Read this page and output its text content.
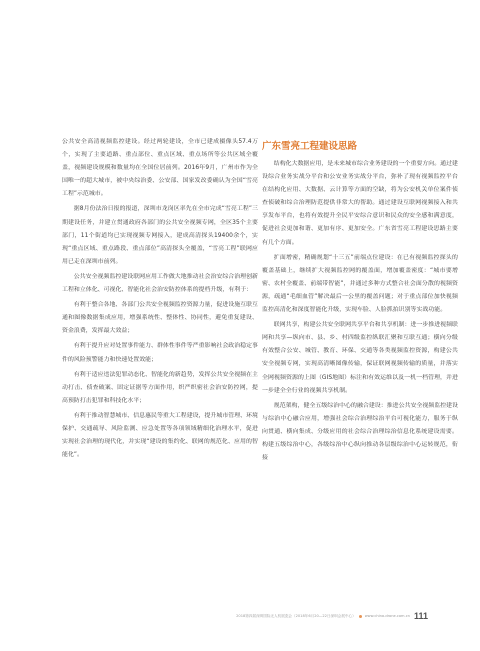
公共安全高清视频监控建设。经过两轮建设，全市已建成摄像头57.4万个，实现了主要道路、重点部位、重点区域、重点场所等公共区域全覆盖，视频建设规模和数量均在全国位居前列。2016年9月，广州市作为全国唯一的超大城市，被中央综治委、公安部、国家发改委确认为全国“雪亮工程”示范城市。

据8月份法治日报的报道，深圳市龙岗区率先在全市完成“雪亮工程”三期建设任务，并建立贯通政府各部门的公共安全视频专网，全区35个主要部门，11个街道均已实现视频专网接入，建成高清探头19400余个，实现“重点区域、重点路段、重点部位”高清探头全覆盖，“雪亮工程”联网应用已走在深圳市前列。

公共安全视频监控建设联网应用工作做大地推动社会治安综合治理创新工程和立体化、可视化、智能化社会治安防控体系的提档升级，有利于：

有利于整合各地、各部门公共安全视频监控资源力量，促进设施互联互通和图像数据集成应用，增强系统性、整体性、协同性，避免重复建设、资金浪费，发挥最大效益；

有利于提升应对处置事件能力、群体性事件等严重影响社会政治稳定事件的风险预警能力和快速处置效能；

有利于适应违法犯罪动态化、智能化的新趋势，发挥公共安全视频在主动打击、侦查破案、固定证据等方面作用，织严织密社会治安防控网，提高预防打击犯罪和科技化水平；

有利于推动智慧城市、信息惠民等重大工程建设，提升城市管理、环境保护、交通疏导、风险监测、应急处置等各项领域精细化治理水平，促进实现社会治理的现代化，并实现“建设的集约化、联网的规范化、应用的智能化”。

广东雪亮工程建设思路

结构化大数据应用，是未来城市综合业务建设的一个重要方向。通过建设综合业务实战分平台和公安业务实战分平台，弥补了现有视频监控平台在结构化应用、大数据、云计算等方面的空缺，将为公安机关单位案件侦查侦破和综合治理防范提供非常大的帮助。通过建设互联网视频接入和共享发布平台，也将有效提升全民平安综合意识和民众的安全感和满意度，促进社会更加和谐、更加有序、更加安全。广东省雪亮工程建设思路主要有几个方面。

扩面增密，精确规划“十三五”前端点位建设：在已有视频监控探头的覆盖基础上，继续扩大视频监控网的覆盖面，增加覆盖密度：“城市要增密、农村全覆盖、前端带智能”，并通过多种方式整合社会面分散的视频资源，疏通“毛细血管”解决最后一公里的覆盖问题；对于重点部位加快视频监控高清化和深度智能化升级，实现车脸、人脸抓拍识别等实战功能。

联网共享，构建公共安全联网共享平台和共享机制：进一步推进视频联网和共享—纵向市、县、乡、村四级监控纵联汇聚和互联互通；横向分级有效整合公安、城管、教育、环保、交通等各类视频监控资源，构建公共安全视频专网，实现高清晰图像传输，保证联网视频传输的质量，并落实全网视频资源的上图（GIS地图）标注和有效运维以及一机一档管理，并进一步建全全行业的视频共享机制。

规范架构，健全五级综治中心的融合建设：推进公共安全视频监控建设与综治中心融合应用，增强社会综合治理综治平台可视化能力，服务于纵向贯通、横向集成、分级应用的社会综合治理综治信息化系统建设需要。构建五级综治中心，各级综治中心纵向推动各层级综治中心运转规范，衔接

2018第四届深圳国际无人机展览会（2018年6月20—22日深圳会展中心）	www.china-drone.com.cn 111
